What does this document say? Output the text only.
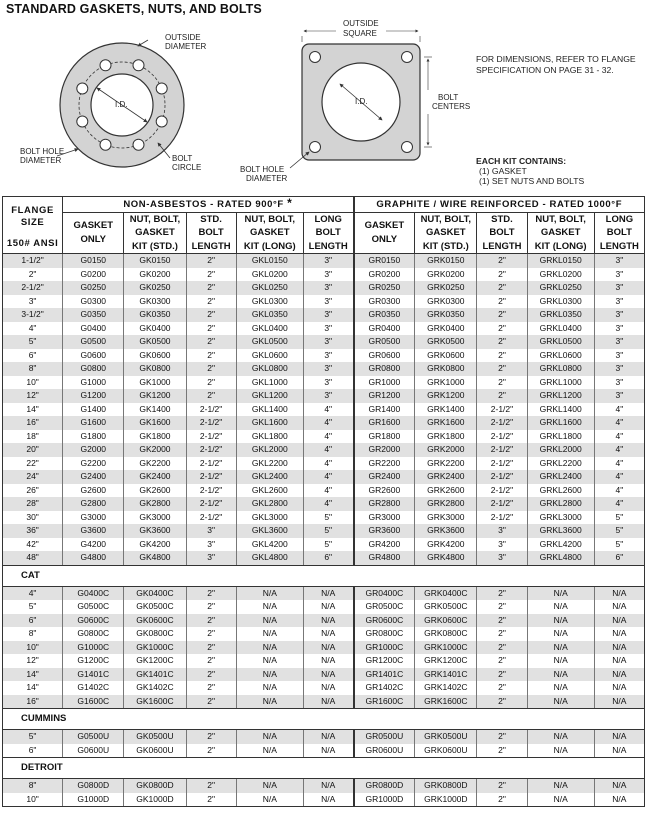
STANDARD GASKETS, NUTS, AND BOLTS
I.D.
OUTSIDE
DIAMETER
BOLT HOLE
DIAMETER	BOLT
CIRCLE
I.D.
OUTSIDE
SQUARE
BOLT
CENTERS
BOLT HOLE
DIAMETER
FOR DIMENSIONS, REFER TO FLANGE SPECIFICATION ON PAGE 31 - 32.
EACH KIT CONTAINS:
(1) GASKET
(1) SET NUTS AND BOLTS
FLANGE
SIZE
150# ANSI	NON-ASBESTOS - RATED 900°F *					GRAPHITE / WIRE REINFORCED - RATED 1000°F				
	GASKET
ONLY	NUT, BOLT,
GASKET
KIT (STD.)	STD.
BOLT
LENGTH	NUT, BOLT,
GASKET
KIT (LONG)	LONG
BOLT
LENGTH	GASKET
ONLY	NUT, BOLT,
GASKET
KIT (STD.)	STD.
BOLT
LENGTH	NUT, BOLT,
GASKET
KIT (LONG)	LONG
BOLT
LENGTH
1-1/2"	G0150	GK0150	2"	GKL0150	3"	GR0150	GRK0150	2"	GRKL0150	3"
2"	G0200	GK0200	2"	GKL0200	3"	GR0200	GRK0200	2"	GRKL0200	3"
2-1/2"	G0250	GK0250	2"	GKL0250	3"	GR0250	GRK0250	2"	GRKL0250	3"
3"	G0300	GK0300	2"	GKL0300	3"	GR0300	GRK0300	2"	GRKL0300	3"
3-1/2"	G0350	GK0350	2"	GKL0350	3"	GR0350	GRK0350	2"	GRKL0350	3"
4"	G0400	GK0400	2"	GKL0400	3"	GR0400	GRK0400	2"	GRKL0400	3"
5"	G0500	GK0500	2"	GKL0500	3"	GR0500	GRK0500	2"	GRKL0500	3"
6"	G0600	GK0600	2"	GKL0600	3"	GR0600	GRK0600	2"	GRKL0600	3"
8"	G0800	GK0800	2"	GKL0800	3"	GR0800	GRK0800	2"	GRKL0800	3"
10"	G1000	GK1000	2"	GKL1000	3"	GR1000	GRK1000	2"	GRKL1000	3"
12"	G1200	GK1200	2"	GKL1200	3"	GR1200	GRK1200	2"	GRKL1200	3"
14"	G1400	GK1400	2-1/2"	GKL1400	4"	GR1400	GRK1400	2-1/2"	GRKL1400	4"
16"	G1600	GK1600	2-1/2"	GKL1600	4"	GR1600	GRK1600	2-1/2"	GRKL1600	4"
18"	G1800	GK1800	2-1/2"	GKL1800	4"	GR1800	GRK1800	2-1/2"	GRKL1800	4"
20"	G2000	GK2000	2-1/2"	GKL2000	4"	GR2000	GRK2000	2-1/2"	GRKL2000	4"
22"	G2200	GK2200	2-1/2"	GKL2200	4"	GR2200	GRK2200	2-1/2"	GRKL2200	4"
24"	G2400	GK2400	2-1/2"	GKL2400	4"	GR2400	GRK2400	2-1/2"	GRKL2400	4"
26"	G2600	GK2600	2-1/2"	GKL2600	4"	GR2600	GRK2600	2-1/2"	GRKL2600	4"
28"	G2800	GK2800	2-1/2"	GKL2800	4"	GR2800	GRK2800	2-1/2"	GRKL2800	4"
30"	G3000	GK3000	2-1/2"	GKL3000	5"	GR3000	GRK3000	2-1/2"	GRKL3000	5"
36"	G3600	GK3600	3"	GKL3600	5"	GR3600	GRK3600	3"	GRKL3600	5"
42"	G4200	GK4200	3"	GKL4200	5"	GR4200	GRK4200	3"	GRKL4200	5"
48"	G4800	GK4800	3"	GKL4800	6"	GR4800	GRK4800	3"	GRKL4800	6"
CAT										
4"	G0400C	GK0400C	2"	N/A	N/A	GR0400C	GRK0400C	2"	N/A	N/A
5"	G0500C	GK0500C	2"	N/A	N/A	GR0500C	GRK0500C	2"	N/A	N/A
6"	G0600C	GK0600C	2"	N/A	N/A	GR0600C	GRK0600C	2"	N/A	N/A
8"	G0800C	GK0800C	2"	N/A	N/A	GR0800C	GRK0800C	2"	N/A	N/A
10"	G1000C	GK1000C	2"	N/A	N/A	GR1000C	GRK1000C	2"	N/A	N/A
12"	G1200C	GK1200C	2"	N/A	N/A	GR1200C	GRK1200C	2"	N/A	N/A
14"	G1401C	GK1401C	2"	N/A	N/A	GR1401C	GRK1401C	2"	N/A	N/A
14"	G1402C	GK1402C	2"	N/A	N/A	GR1402C	GRK1402C	2"	N/A	N/A
16"	G1600C	GK1600C	2"	N/A	N/A	GR1600C	GRK1600C	2"	N/A	N/A
CUMMINS										
5"	G0500U	GK0500U	2"	N/A	N/A	GR0500U	GRK0500U	2"	N/A	N/A
6"	G0600U	GK0600U	2"	N/A	N/A	GR0600U	GRK0600U	2"	N/A	N/A
DETROIT										
8"	G0800D	GK0800D	2"	N/A	N/A	GR0800D	GRK0800D	2"	N/A	N/A
10"	G1000D	GK1000D	2"	N/A	N/A	GR1000D	GRK1000D	2"	N/A	N/A
